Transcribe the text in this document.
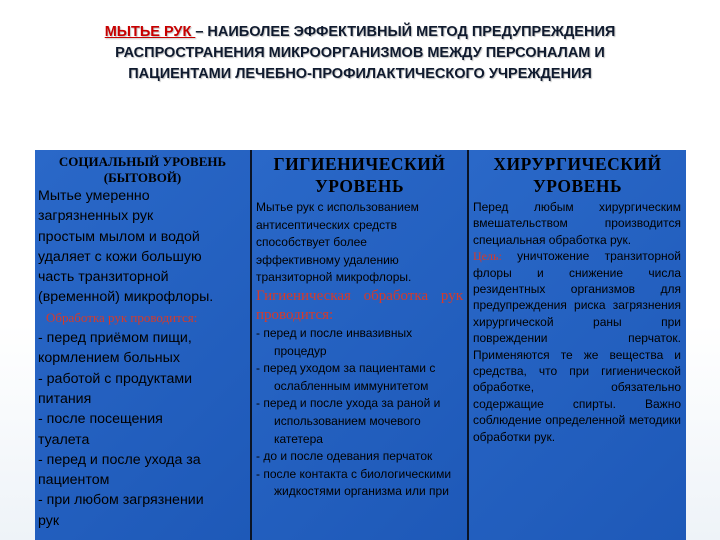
МЫТЬЕ РУК – НАИБОЛЕЕ ЭФФЕКТИВНЫЙ МЕТОД ПРЕДУПРЕЖДЕНИЯ
РАСПРОСТРАНЕНИЯ МИКРООРГАНИЗМОВ МЕЖДУ ПЕРСОНАЛАМ И
ПАЦИЕНТАМИ ЛЕЧЕБНО-ПРОФИЛАКТИЧЕСКОГО УЧРЕЖДЕНИЯ
СОЦИАЛЬНЫЙ УРОВЕНЬ
(БЫТОВОЙ)
Мытье умеренно
загрязненных рук
простым мылом и водой
удаляет с кожи большую
часть транзиторной
(временной) микрофлоры.
Обработка рук проводится:
- перед приёмом пищи,
кормлением больных
- работой с продуктами
питания
- после посещения
туалета
- перед и после ухода за
пациентом
- при любом загрязнении
рук
ГИГИЕНИЧЕСКИЙ
УРОВЕНЬ
Мытье рук с использованием
антисептических средств
способствует более
эффективному удалению
транзиторной микрофлоры.
Гигиеническая обработка рук проводится:

- перед и после инвазивных процедур

- перед уходом за пациентами с ослабленным иммунитетом

- перед и после ухода за раной и использованием мочевого катетера

- до и после одевания перчаток

- после контакта с биологическими жидкостями организма или при

ХИРУРГИЧЕСКИЙ
УРОВЕНЬ
Перед любым хирургическим вмешательством производится специальная обработка рук.
Цель: уничтожение транзиторной флоры и снижение числа резидентных организмов для предупреждения риска загрязнения хирургической раны при повреждении перчаток. Применяются те же вещества и средства, что при гигиенической обработке, обязательно содержащие спирты. Важно соблюдение определенной методики обработки рук.
